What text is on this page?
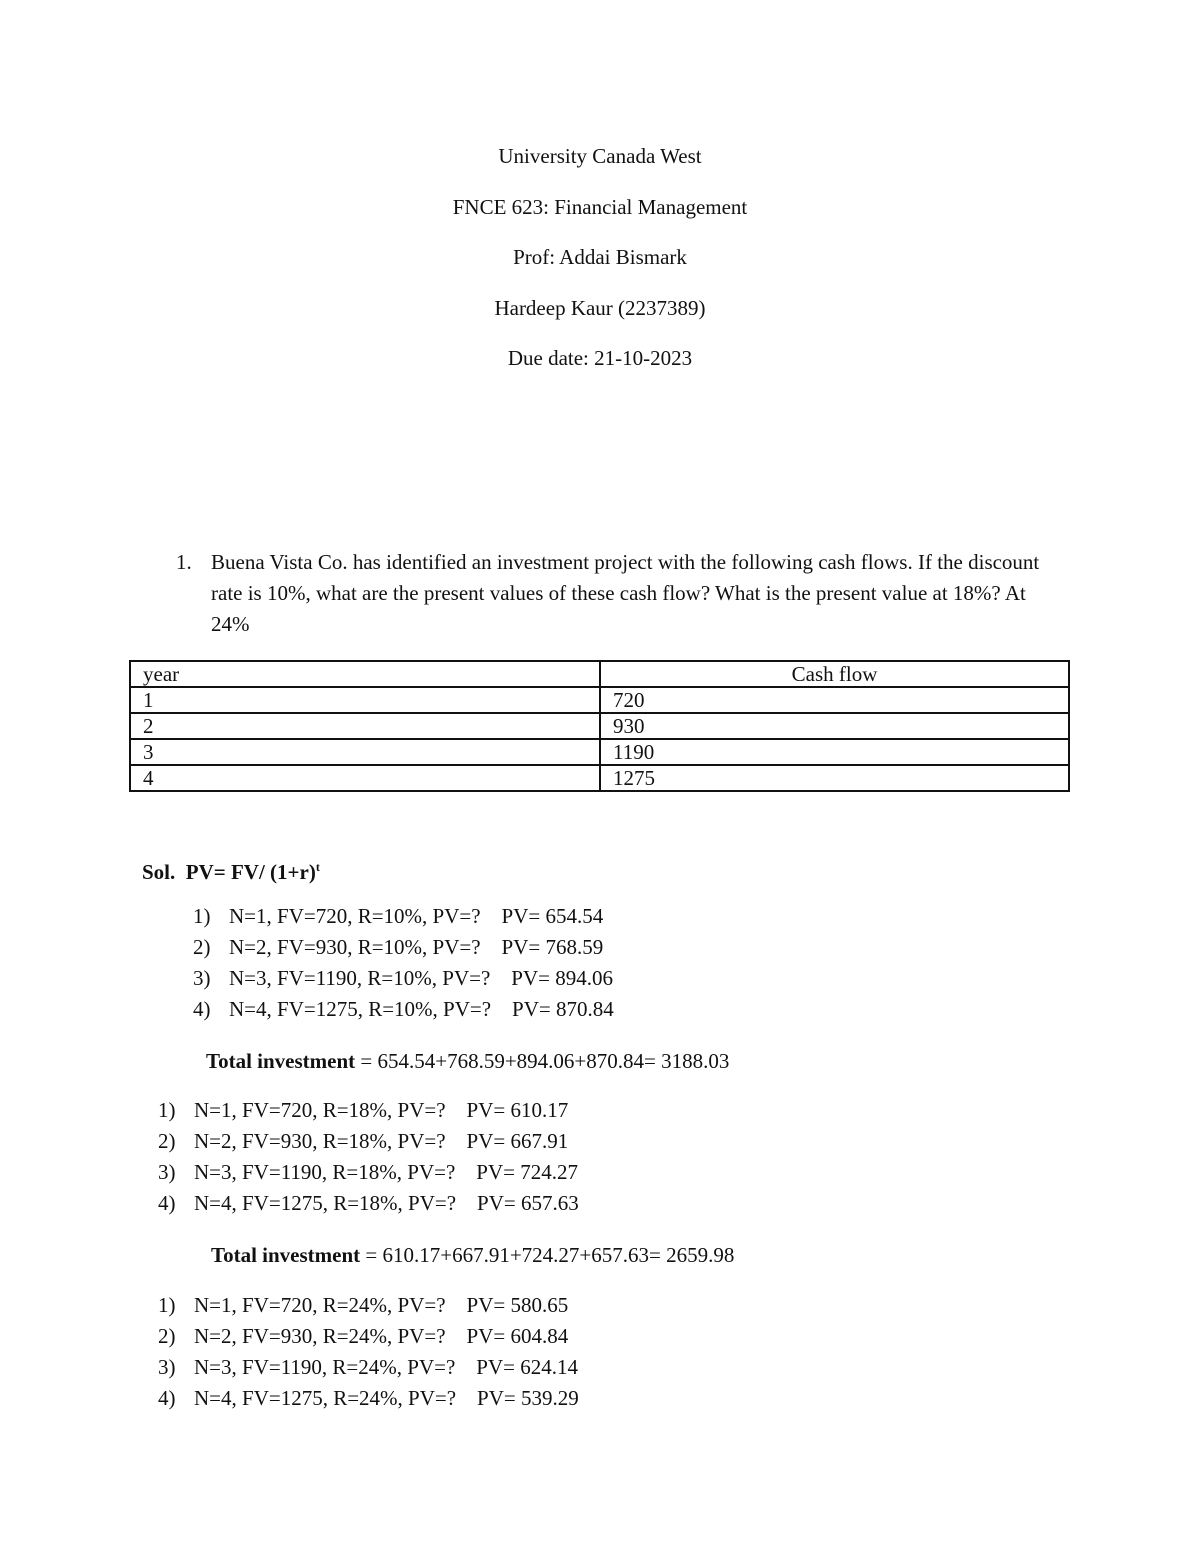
University Canada West
FNCE 623: Financial Management
Prof: Addai Bismark
Hardeep Kaur (2237389)
Due date: 21-10-2023
1. Buena Vista Co. has identified an investment project with the following cash flows. If the discount rate is 10%, what are the present values of these cash flow? What is the present value at 18%? At 24%
year	Cash flow
1	720
2	930
3	1190
4	1275
Sol. PV= FV/ $(1+r)^t$
1) N=1, FV=720, R=10%, PV=?    PV= 654.54
2) N=2, FV=930, R=10%, PV=?    PV= 768.59
3) N=3, FV=1190, R=10%, PV=?    PV= 894.06
4) N=4, FV=1275, R=10%, PV=?    PV= 870.84
Total investment = 654.54+768.59+894.06+870.84= 3188.03
1) N=1, FV=720, R=18%, PV=?    PV= 610.17
2) N=2, FV=930, R=18%, PV=?    PV= 667.91
3) N=3, FV=1190, R=18%, PV=?    PV= 724.27
4) N=4, FV=1275, R=18%, PV=?    PV= 657.63
Total investment = 610.17+667.91+724.27+657.63= 2659.98
1) N=1, FV=720, R=24%, PV=?    PV= 580.65
2) N=2, FV=930, R=24%, PV=?    PV= 604.84
3) N=3, FV=1190, R=24%, PV=?    PV= 624.14
4) N=4, FV=1275, R=24%, PV=?    PV= 539.29
